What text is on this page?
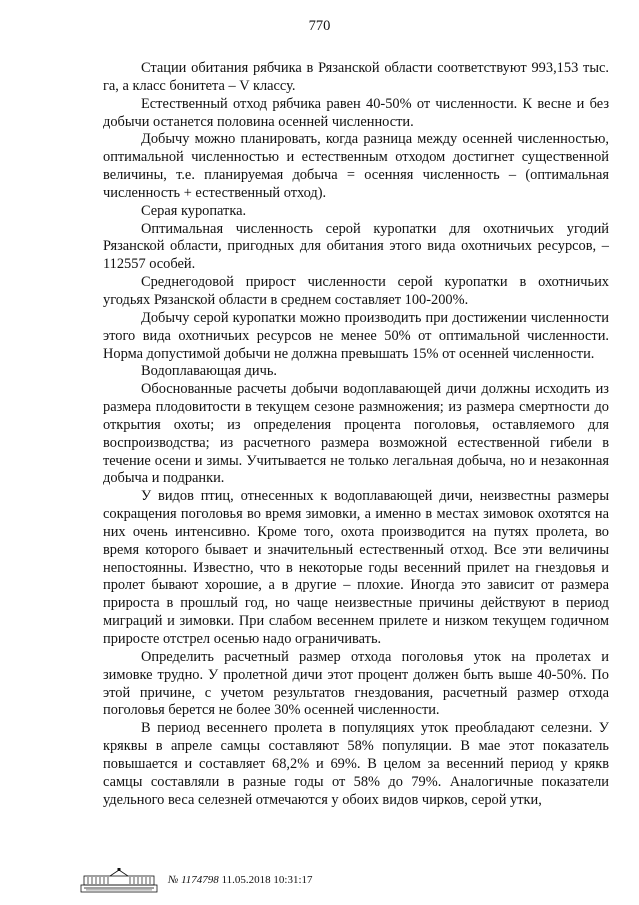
770

Стации обитания рябчика в Рязанской области соответствуют 993,153 тыс. га, а класс бонитета – V классу.

Естественный отход рябчика равен 40-50% от численности. К весне и без добычи останется половина осенней численности.

Добычу можно планировать, когда разница между осенней численностью, оптимальной численностью и естественным отходом достигнет существенной величины, т.е. планируемая добыча = осенняя численность – (оптимальная численность + естественный отход).

Серая куропатка.

Оптимальная численность серой куропатки для охотничьих угодий Рязанской области, пригодных для обитания этого вида охотничьих ресурсов, – 112557 особей.

Среднегодовой прирост численности серой куропатки в охотничьих угодьях Рязанской области в среднем составляет 100-200%.

Добычу серой куропатки можно производить при достижении численности этого вида охотничьих ресурсов не менее 50% от оптимальной численности. Норма допустимой добычи не должна превышать 15% от осенней численности.

Водоплавающая дичь.

Обоснованные расчеты добычи водоплавающей дичи должны исходить из размера плодовитости в текущем сезоне размножения; из размера смертности до открытия охоты; из определения процента поголовья, оставляемого для воспроизводства; из расчетного размера возможной естественной гибели в течение осени и зимы. Учитывается не только легальная добыча, но и незаконная добыча и подранки.

У видов птиц, отнесенных к водоплавающей дичи, неизвестны размеры сокращения поголовья во время зимовки, а именно в местах зимовок охотятся на них очень интенсивно. Кроме того, охота производится на путях пролета, во время которого бывает и значительный естественный отход. Все эти величины непостоянны. Известно, что в некоторые годы весенний прилет на гнездовья и пролет бывают хорошие, а в другие – плохие. Иногда это зависит от размера прироста в прошлый год, но чаще неизвестные причины действуют в период миграций и зимовки. При слабом весеннем прилете и низком текущем годичном приросте отстрел осенью надо ограничивать.

Определить расчетный размер отхода поголовья уток на пролетах и зимовке трудно. У пролетной дичи этот процент должен быть выше 40-50%. По этой причине, с учетом результатов гнездования, расчетный размер отхода поголовья берется не более 30% осенней численности.

В период весеннего пролета в популяциях уток преобладают селезни. У кряквы в апреле самцы составляют 58% популяции. В мае этот показатель повышается и составляет 68,2% и 69%. В целом за весенний период у крякв самцы составляли в разные годы от 58% до 79%. Аналогичные показатели удельного веса селезней отмечаются у обоих видов чирков, серой утки,

№ 1174798 11.05.2018 10:31:17
